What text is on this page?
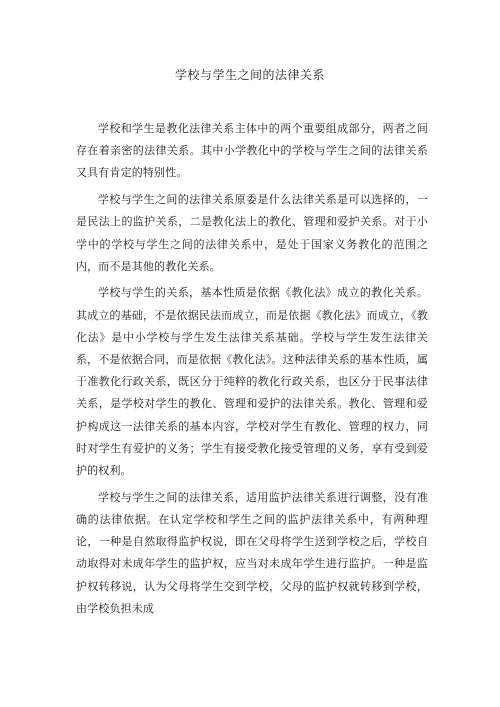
学校与学生之间的法律关系

学校和学生是教化法律关系主体中的两个重要组成部分，两者之间存在着亲密的法律关系。其中小学教化中的学校与学生之间的法律关系又具有肯定的特别性。

学校与学生之间的法律关系原委是什么法律关系是可以选择的，一是民法上的监护关系，二是教化法上的教化、管理和爱护关系。对于小学中的学校与学生之间的法律关系中，是处于国家义务教化的范围之内，而不是其他的教化关系。

学校与学生的关系，基本性质是依据《教化法》成立的教化关系。其成立的基础，不是依据民法而成立，而是依据《教化法》而成立，《教化法》是中小学校与学生发生法律关系基础。学校与学生发生法律关系，不是依据合同，而是依据《教化法》。这种法律关系的基本性质，属于准教化行政关系，既区分于纯粹的教化行政关系，也区分于民事法律关系，是学校对学生的教化、管理和爱护的法律关系。教化、管理和爱护构成这一法律关系的基本内容，学校对学生有教化、管理的权力，同时对学生有爱护的义务；学生有接受教化接受管理的义务，享有受到爱护的权利。

学校与学生之间的法律关系，适用监护法律关系进行调整，没有准确的法律依据。在认定学校和学生之间的监护法律关系中，有两种理论，一种是自然取得监护权说，即在父母将学生送到学校之后，学校自动取得对未成年学生的监护权，应当对未成年学生进行监护。一种是监护权转移说，认为父母将学生交到学校，父母的监护权就转移到学校，由学校负担未成
